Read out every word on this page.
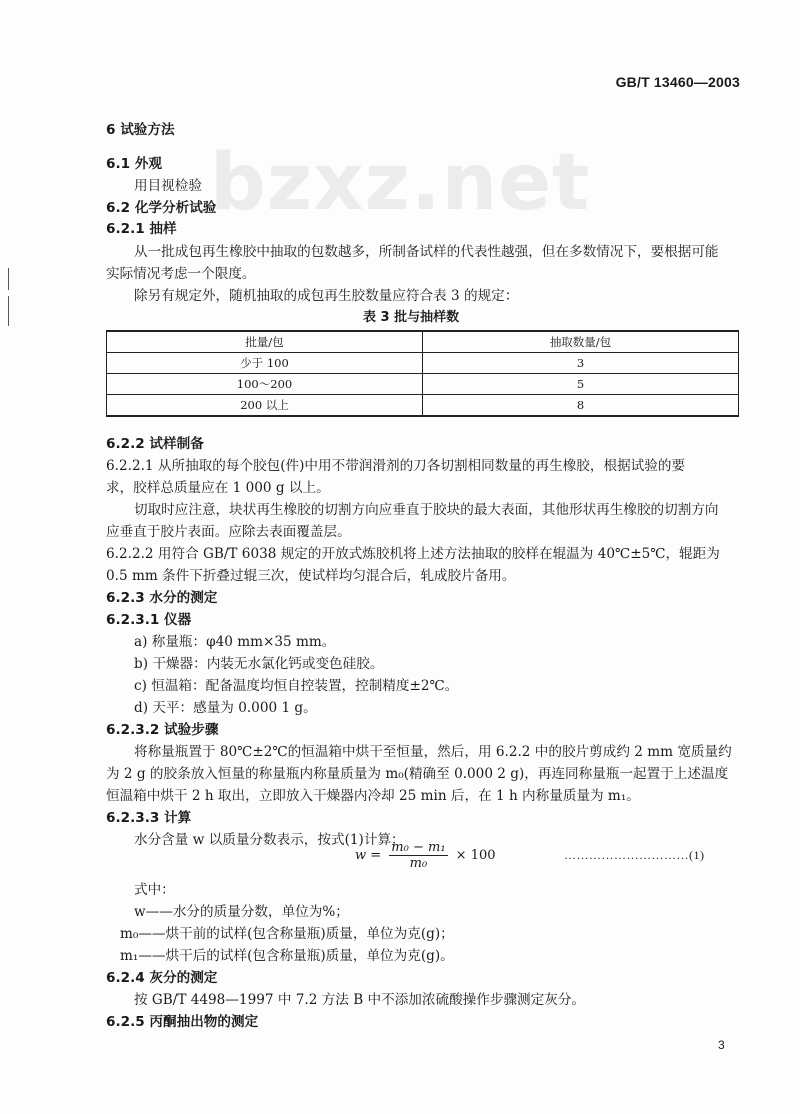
GB/T 13460—2003
bzxz.net
6 试验方法
6.1 外观
用目视检验
6.2 化学分析试验
6.2.1 抽样
从一批成包再生橡胶中抽取的包数越多，所制备试样的代表性越强，但在多数情况下，要根据可能
实际情况考虑一个限度。
除另有规定外，随机抽取的成包再生胶数量应符合表 3 的规定：
表 3 批与抽样数
批量/包	抽取数量/包
少于 100	3
100～200	5
200 以上	8
6.2.2 试样制备
6.2.2.1 从所抽取的每个胶包(件)中用不带润滑剂的刀各切割相同数量的再生橡胶，根据试验的要
求，胶样总质量应在 1 000 g 以上。
切取时应注意，块状再生橡胶的切割方向应垂直于胶块的最大表面，其他形状再生橡胶的切割方向
应垂直于胶片表面。应除去表面覆盖层。
6.2.2.2 用符合 GB/T 6038 规定的开放式炼胶机将上述方法抽取的胶样在辊温为 40℃±5℃，辊距为
0.5 mm 条件下折叠过辊三次，使试样均匀混合后，轧成胶片备用。
6.2.3 水分的测定
6.2.3.1 仪器
a) 称量瓶：φ40 mm×35 mm。
b) 干燥器：内装无水氯化钙或变色硅胶。
c) 恒温箱：配备温度均恒自控装置，控制精度±2℃。
d) 天平：感量为 0.000 1 g。
6.2.3.2 试验步骤
将称量瓶置于 80℃±2℃的恒温箱中烘干至恒量，然后，用 6.2.2 中的胶片剪成约 2 mm 宽质量约
为 2 g 的胶条放入恒量的称量瓶内称量质量为 m₀(精确至 0.000 2 g)，再连同称量瓶一起置于上述温度
恒温箱中烘干 2 h 取出，立即放入干燥器内冷却 25 min 后，在 1 h 内称量质量为 m₁。
6.2.3.3 计算
水分含量 w 以质量分数表示，按式(1)计算：
$w = \frac{\text{m₀ − m₁}}{\text{m₀}} \times 100$	…………………………(1)
式中：
w——水分的质量分数，单位为%；
m₀——烘干前的试样(包含称量瓶)质量，单位为克(g)；
m₁——烘干后的试样(包含称量瓶)质量，单位为克(g)。
6.2.4 灰分的测定
按 GB/T 4498—1997 中 7.2 方法 B 中不添加浓硫酸操作步骤测定灰分。
6.2.5 丙酮抽出物的测定
3
